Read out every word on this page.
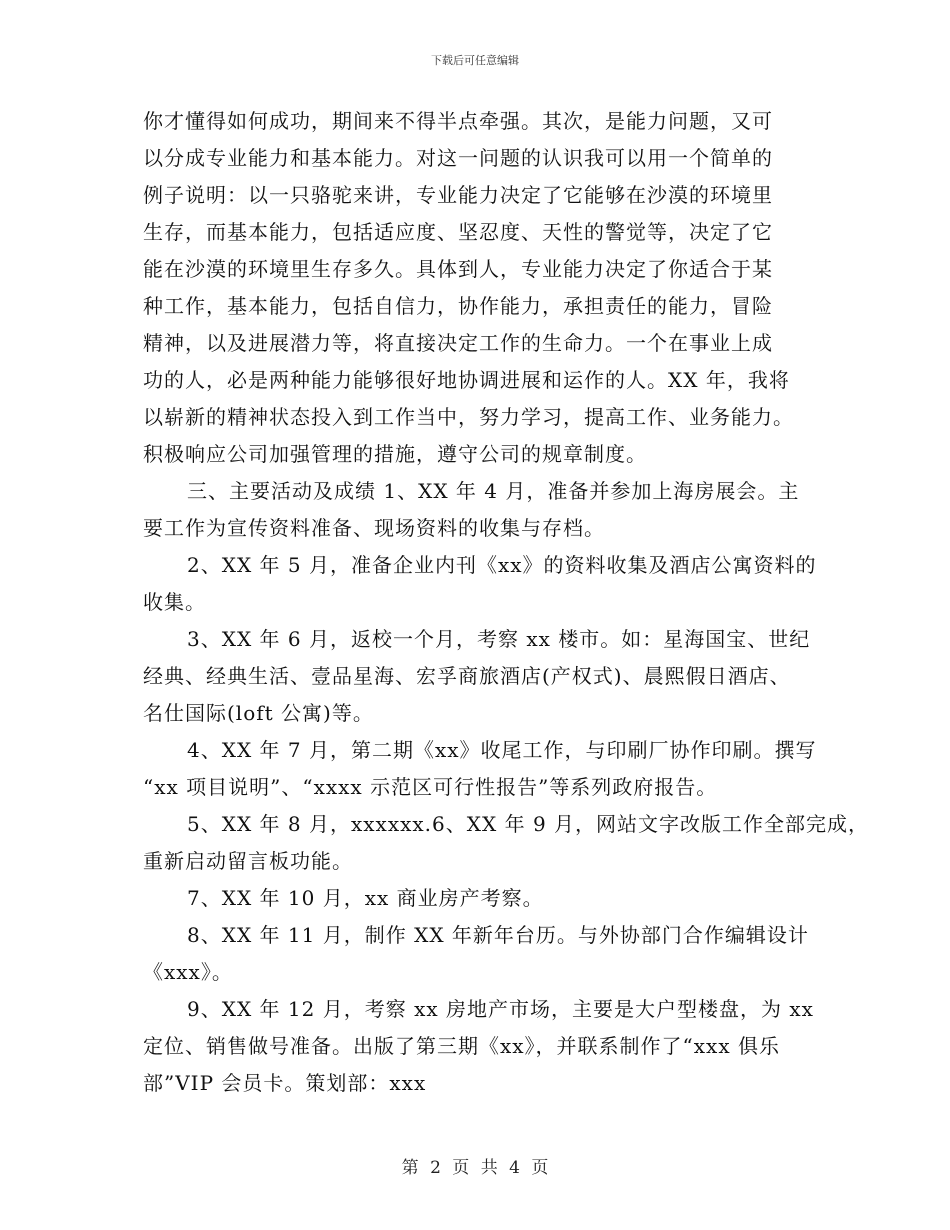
下载后可任意编辑
你才懂得如何成功，期间来不得半点牵强。其次，是能力问题，又可
以分成专业能力和基本能力。对这一问题的认识我可以用一个简单的
例子说明：以一只骆驼来讲，专业能力决定了它能够在沙漠的环境里
生存，而基本能力，包括适应度、坚忍度、天性的警觉等，决定了它
能在沙漠的环境里生存多久。具体到人，专业能力决定了你适合于某
种工作，基本能力，包括自信力，协作能力，承担责任的能力，冒险
精神，以及进展潜力等，将直接决定工作的生命力。一个在事业上成
功的人，必是两种能力能够很好地协调进展和运作的人。XX 年，我将
以崭新的精神状态投入到工作当中，努力学习，提高工作、业务能力。
积极响应公司加强管理的措施，遵守公司的规章制度。
三、主要活动及成绩 1、XX 年 4 月，准备并参加上海房展会。主
要工作为宣传资料准备、现场资料的收集与存档。
2、XX 年 5 月，准备企业内刊《xx》的资料收集及酒店公寓资料的
收集。
3、XX 年 6 月，返校一个月，考察 xx 楼市。如：星海国宝、世纪
经典、经典生活、壹品星海、宏孚商旅酒店(产权式)、晨熙假日酒店、
名仕国际(loft 公寓)等。
4、XX 年 7 月，第二期《xx》收尾工作，与印刷厂协作印刷。撰写
“xx 项目说明”、“xxxx 示范区可行性报告”等系列政府报告。
5、XX 年 8 月，xxxxxx.6、XX 年 9 月，网站文字改版工作全部完成，
重新启动留言板功能。
7、XX 年 10 月，xx 商业房产考察。
8、XX 年 11 月，制作 XX 年新年台历。与外协部门合作编辑设计
《xxx》。
9、XX 年 12 月，考察 xx 房地产市场，主要是大户型楼盘，为 xx
定位、销售做号准备。出版了第三期《xx》，并联系制作了“xxx 俱乐
部”VIP 会员卡。策划部：xxx
第 2 页 共 4 页
